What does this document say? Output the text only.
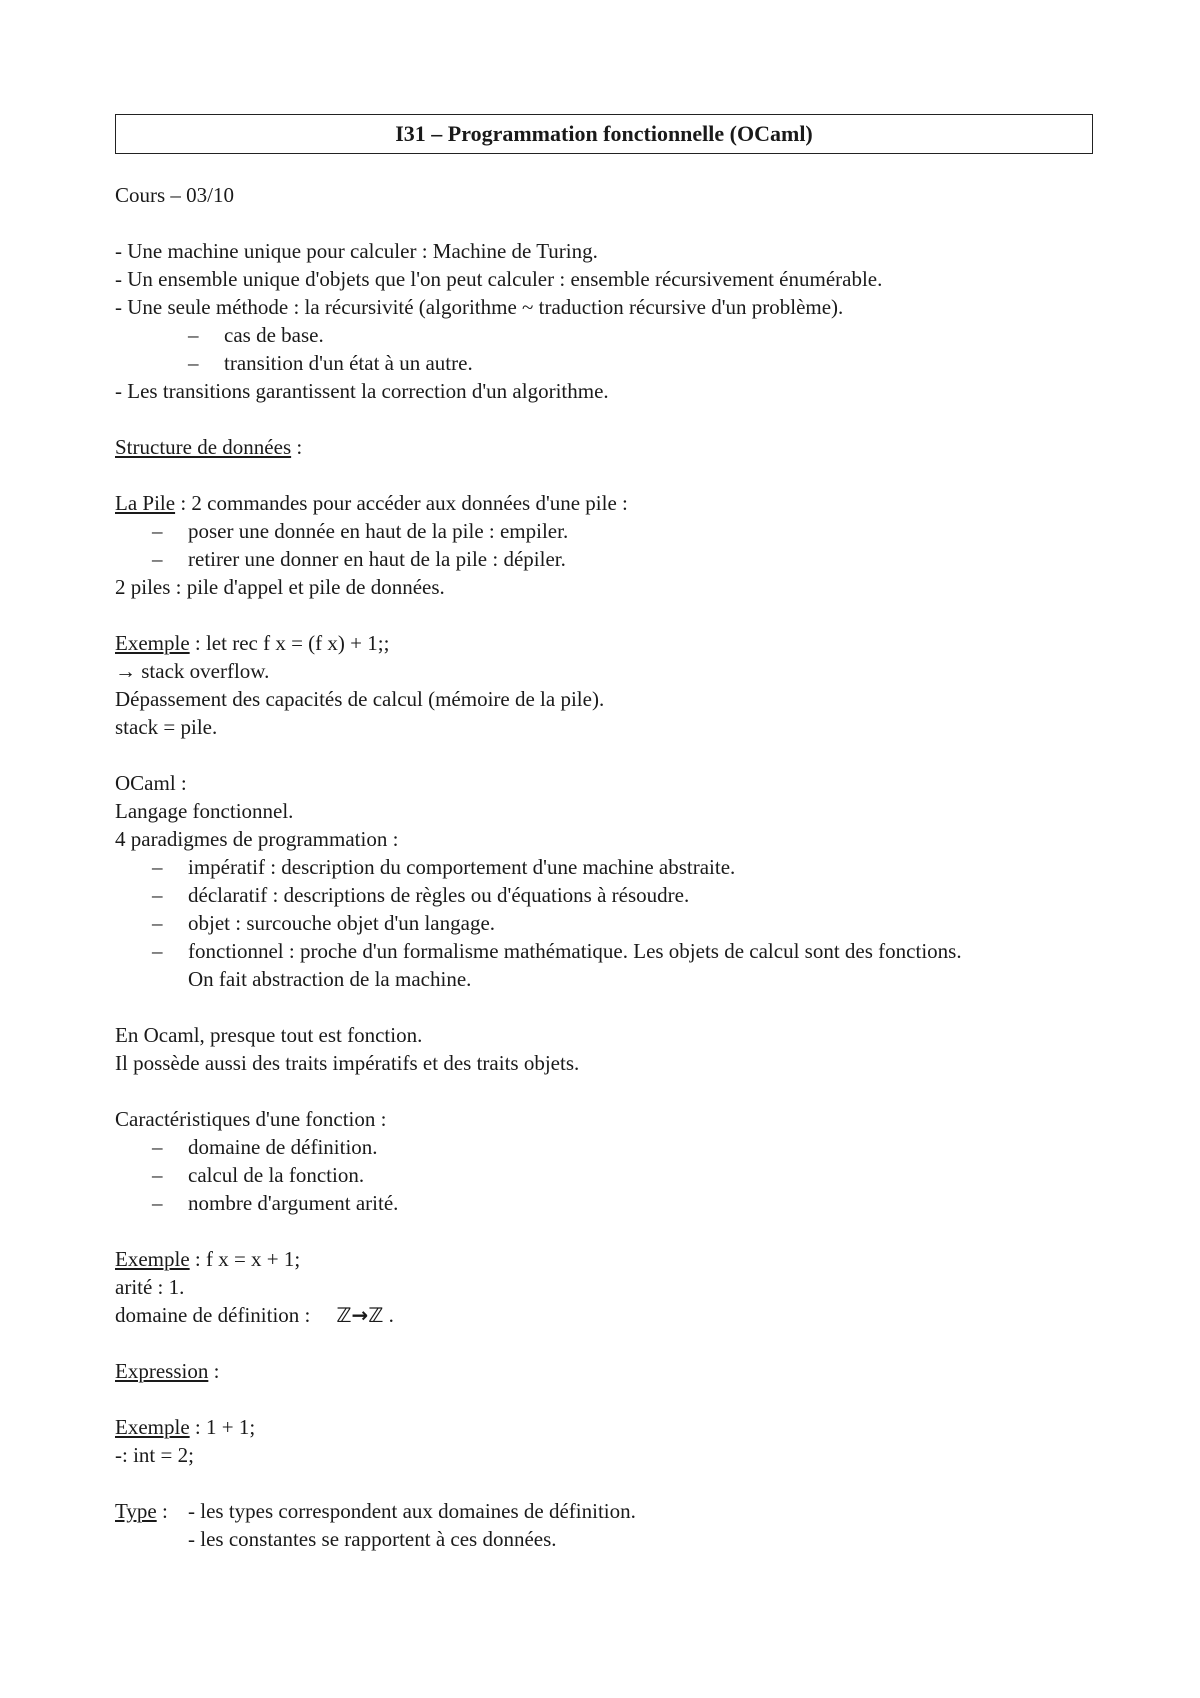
I31 – Programmation fonctionnelle (OCaml)
Cours – 03/10
- Une machine unique pour calculer : Machine de Turing.
- Un ensemble unique d'objets que l'on peut calculer : ensemble récursivement énumérable.
- Une seule méthode : la récursivité (algorithme ~ traduction récursive d'un problème).
– cas de base.
– transition d'un état à un autre.
- Les transitions garantissent la correction d'un algorithme.
Structure de données :
La Pile : 2 commandes pour accéder aux données d'une pile :
– poser une donnée en haut de la pile : empiler.
– retirer une donner en haut de la pile : dépiler.
2 piles : pile d'appel et pile de données.
Exemple : let rec f x = (f x) + 1;;
→ stack overflow.
Dépassement des capacités de calcul (mémoire de la pile).
stack = pile.
OCaml :
Langage fonctionnel.
4 paradigmes de programmation :
– impératif : description du comportement d'une machine abstraite.
– déclaratif : descriptions de règles ou d'équations à résoudre.
– objet : surcouche objet d'un langage.
– fonctionnel : proche d'un formalisme mathématique. Les objets de calcul sont des fonctions.
On fait abstraction de la machine.
En Ocaml, presque tout est fonction.
Il possède aussi des traits impératifs et des traits objets.
Caractéristiques d'une fonction :
– domaine de définition.
– calcul de la fonction.
– nombre d'argument arité.
Exemple : f x = x + 1;
arité : 1.
domaine de définition : ℤ→ℤ .
Expression :
Exemple : 1 + 1;
-: int = 2;
Type : - les types correspondent aux domaines de définition.
- les constantes se rapportent à ces données.
